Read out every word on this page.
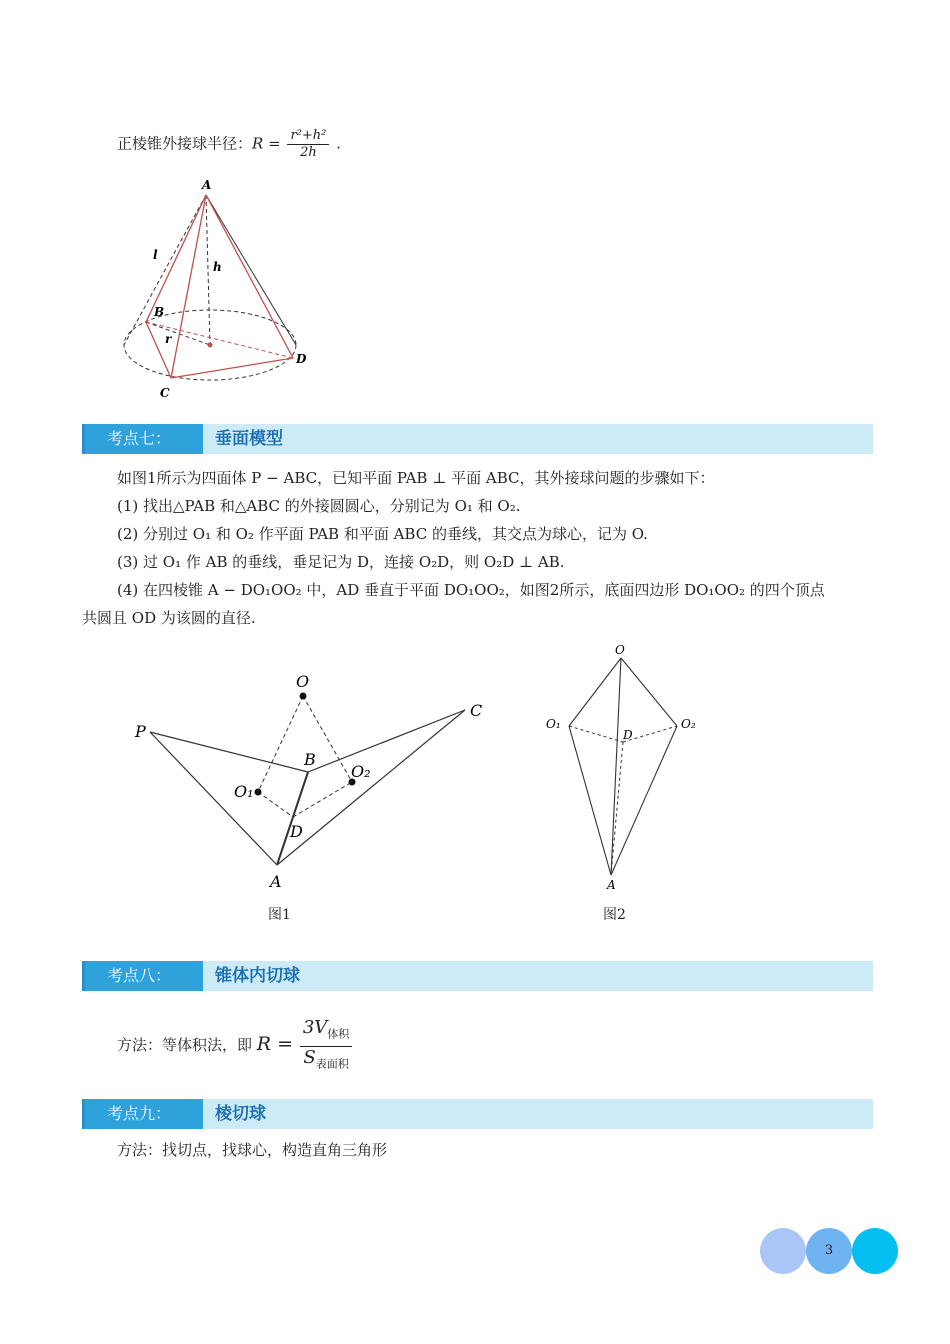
正棱锥外接球半径：$R = \frac{\text{r²+h²}}{2h}$ .
A
B
C
D
l
h
r
考点七：	垂面模型
如图1所示为四面体 P − ABC，已知平面 PAB ⊥ 平面 ABC，其外接球问题的步骤如下：
(1) 找出△PAB 和△ABC 的外接圆圆心，分别记为 O₁ 和 O₂.
(2) 分别过 O₁ 和 O₂ 作平面 PAB 和平面 ABC 的垂线，其交点为球心，记为 O.
(3) 过 O₁ 作 AB 的垂线，垂足记为 D，连接 O₂D，则 O₂D ⊥ AB.
(4) 在四棱锥 A − DO₁OO₂ 中，AD 垂直于平面 DO₁OO₂，如图2所示，底面四边形 DO₁OO₂ 的四个顶点共圆且 OD 为该圆的直径.
P
A
B
C
D
O
O₁
O₂
图1
O
O₁	O₂
D
A
图2
考点八：	锥体内切球
方法：等体积法，即 $R = \frac{3V_{体积}}{S_{表面积}}$
考点九：	棱切球
方法：找切点，找球心，构造直角三角形
3
